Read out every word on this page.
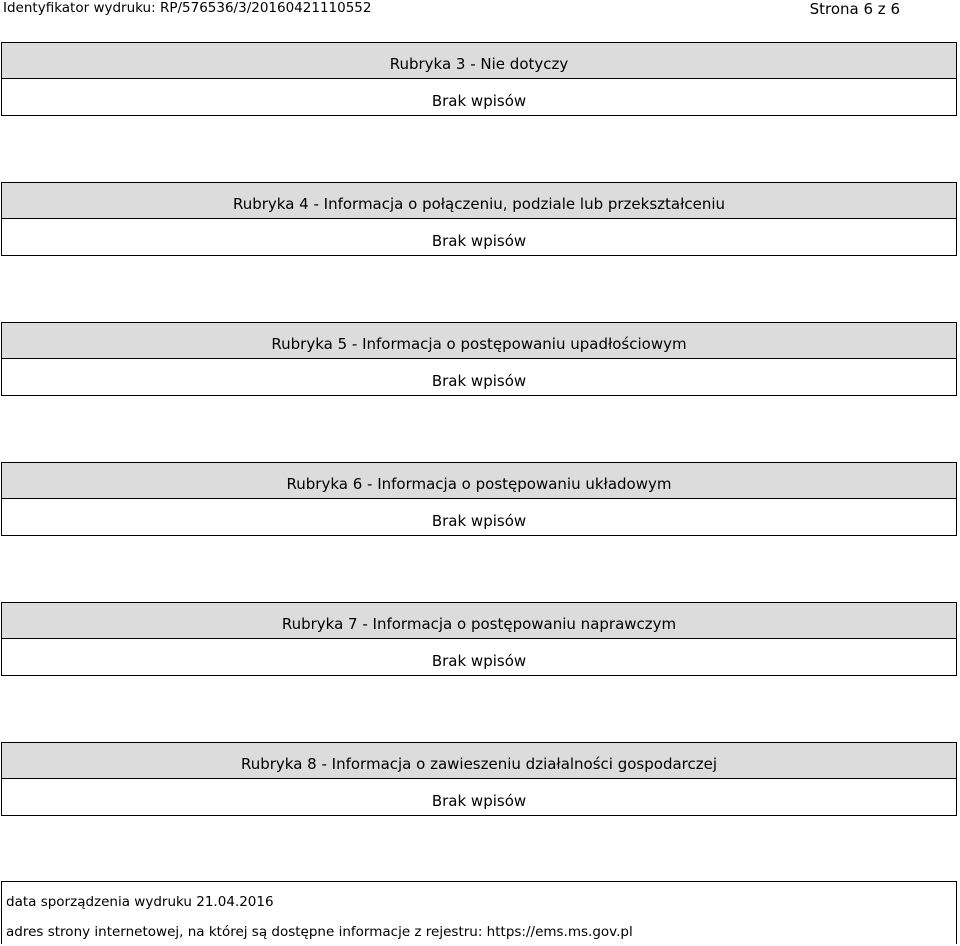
Identyfikator wydruku: RP/576536/3/20160421110552	Strona 6 z 6
Rubryka 3 - Nie dotyczy
Brak wpisów
Rubryka 4 - Informacja o połączeniu, podziale lub przekształceniu
Brak wpisów
Rubryka 5 - Informacja o postępowaniu upadłościowym
Brak wpisów
Rubryka 6 - Informacja o postępowaniu układowym
Brak wpisów
Rubryka 7 - Informacja o postępowaniu naprawczym
Brak wpisów
Rubryka 8 - Informacja o zawieszeniu działalności gospodarczej
Brak wpisów
data sporządzenia wydruku 21.04.2016
adres strony internetowej, na której są dostępne informacje z rejestru: https://ems.ms.gov.pl
